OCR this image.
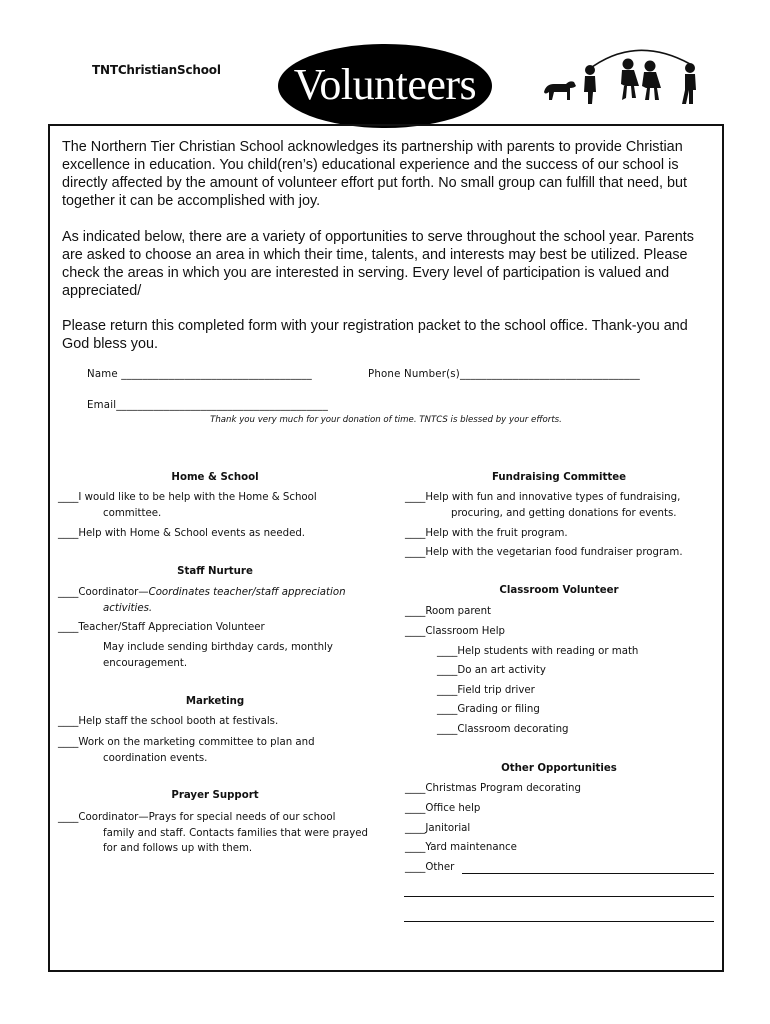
TNTChristianSchool Volunteers

The Northern Tier Christian School acknowledges its partnership with parents to provide Christian excellence in education. You child(ren’s) educational experience and the success of our school is directly affected by the amount of volunteer effort put forth. No small group can fulfill that need, but together it can be accomplished with joy.

As indicated below, there are a variety of opportunities to serve throughout the school year. Parents are asked to choose an area in which their time, talents, and interests may best be utilized. Please check the areas in which you are interested in serving. Every level of participation is valued and appreciated/

Please return this completed form with your registration packet to the school office. Thank-you and God bless you.

Name ____________________________________	Phone Number(s)__________________________________
Email________________________________________
Thank you very much for your donation of time. TNTCS is blessed by your efforts.
Home & School
____I would like to be help with the Home & School
committee.
____Help with Home & School events as needed.
Staff Nurture
____Coordinator—Coordinates teacher/staff appreciation
activities.
____Teacher/Staff Appreciation Volunteer
May include sending birthday cards, monthly
encouragement.
Marketing
____Help staff the school booth at festivals.
____Work on the marketing committee to plan and
coordination events.
Prayer Support
____Coordinator—Prays for special needs of our school
family and staff. Contacts families that were prayed
for and follows up with them.
Fundraising Committee
____Help with fun and innovative types of fundraising,
procuring, and getting donations for events.
____Help with the fruit program.
____Help with the vegetarian food fundraiser program.
Classroom Volunteer
____Room parent
____Classroom Help
____Help students with reading or math
____Do an art activity
____Field trip driver
____Grading or filing
____Classroom decorating
Other Opportunities
____Christmas Program decorating
____Office help
____Janitorial
____Yard maintenance
____Other
